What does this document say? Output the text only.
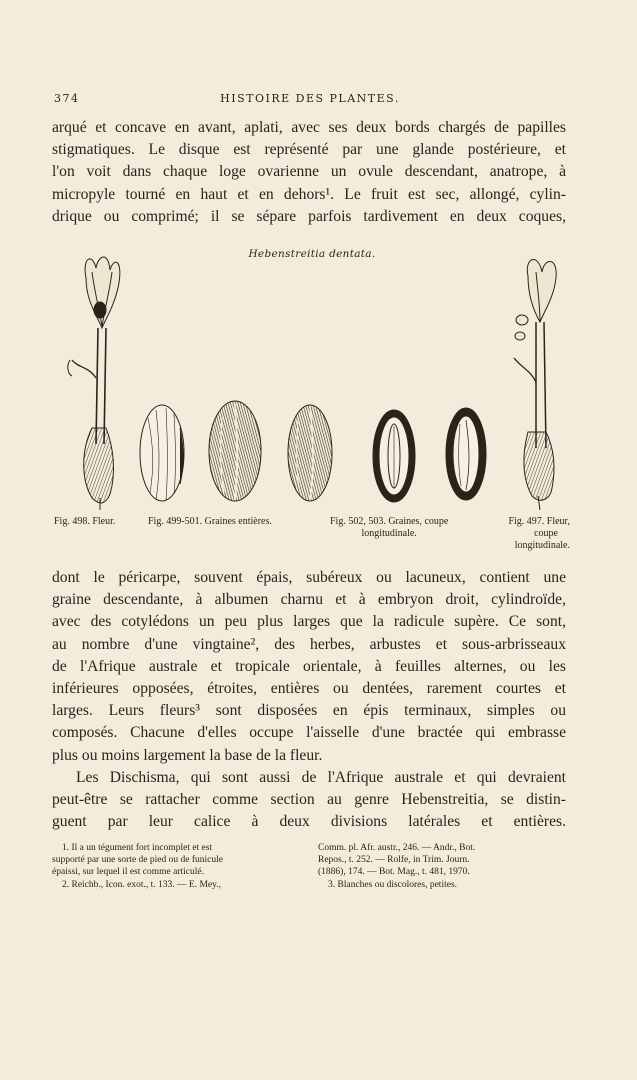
374	HISTOIRE DES PLANTES.

arqué et concave en avant, aplati, avec ses deux bords chargés de papilles

stigmatiques. Le disque est représenté par une glande postérieure, et

l'on voit dans chaque loge ovarienne un ovule descendant, anatrope, à

micropyle tourné en haut et en dehors¹. Le fruit est sec, allongé, cylin-

drique ou comprimé; il se sépare parfois tardivement en deux coques,

Hebenstreitia dentata.
Fig. 498. Fleur.	Fig. 499-501. Graines entières.	Fig. 502, 503. Graines, coupe
longitudinale.
Fig. 497. Fleur,
coupe
longitudinale.

dont le péricarpe, souvent épais, subéreux ou lacuneux, contient une

graine descendante, à albumen charnu et à embryon droit, cylindroïde,

avec des cotylédons un peu plus larges que la radicule supère. Ce sont,

au nombre d'une vingtaine², des herbes, arbustes et sous-arbrisseaux

de l'Afrique australe et tropicale orientale, à feuilles alternes, ou les

inférieures opposées, étroites, entières ou dentées, rarement courtes et

larges. Leurs fleurs³ sont disposées en épis terminaux, simples ou

composés. Chacune d'elles occupe l'aisselle d'une bractée qui embrasse

plus ou moins largement la base de la fleur.

Les Dischisma, qui sont aussi de l'Afrique australe et qui devraient

peut-être se rattacher comme section au genre Hebenstreitia, se distin-

guent par leur calice à deux divisions latérales et entières.

1. Il a un tégument fort incomplet et est

supporté par une sorte de pied ou de funicule

épaissi, sur lequel il est comme articulé.

2. Reichb., Icon. exot., t. 133. — E. Mey.,

Comm. pl. Afr. austr., 246. — Andr., Bot.

Repos., t. 252. — Rolfe, in Trim. Journ.

(1886), 174. — Bot. Mag., t. 481, 1970.

3. Blanches ou discolores, petites.
